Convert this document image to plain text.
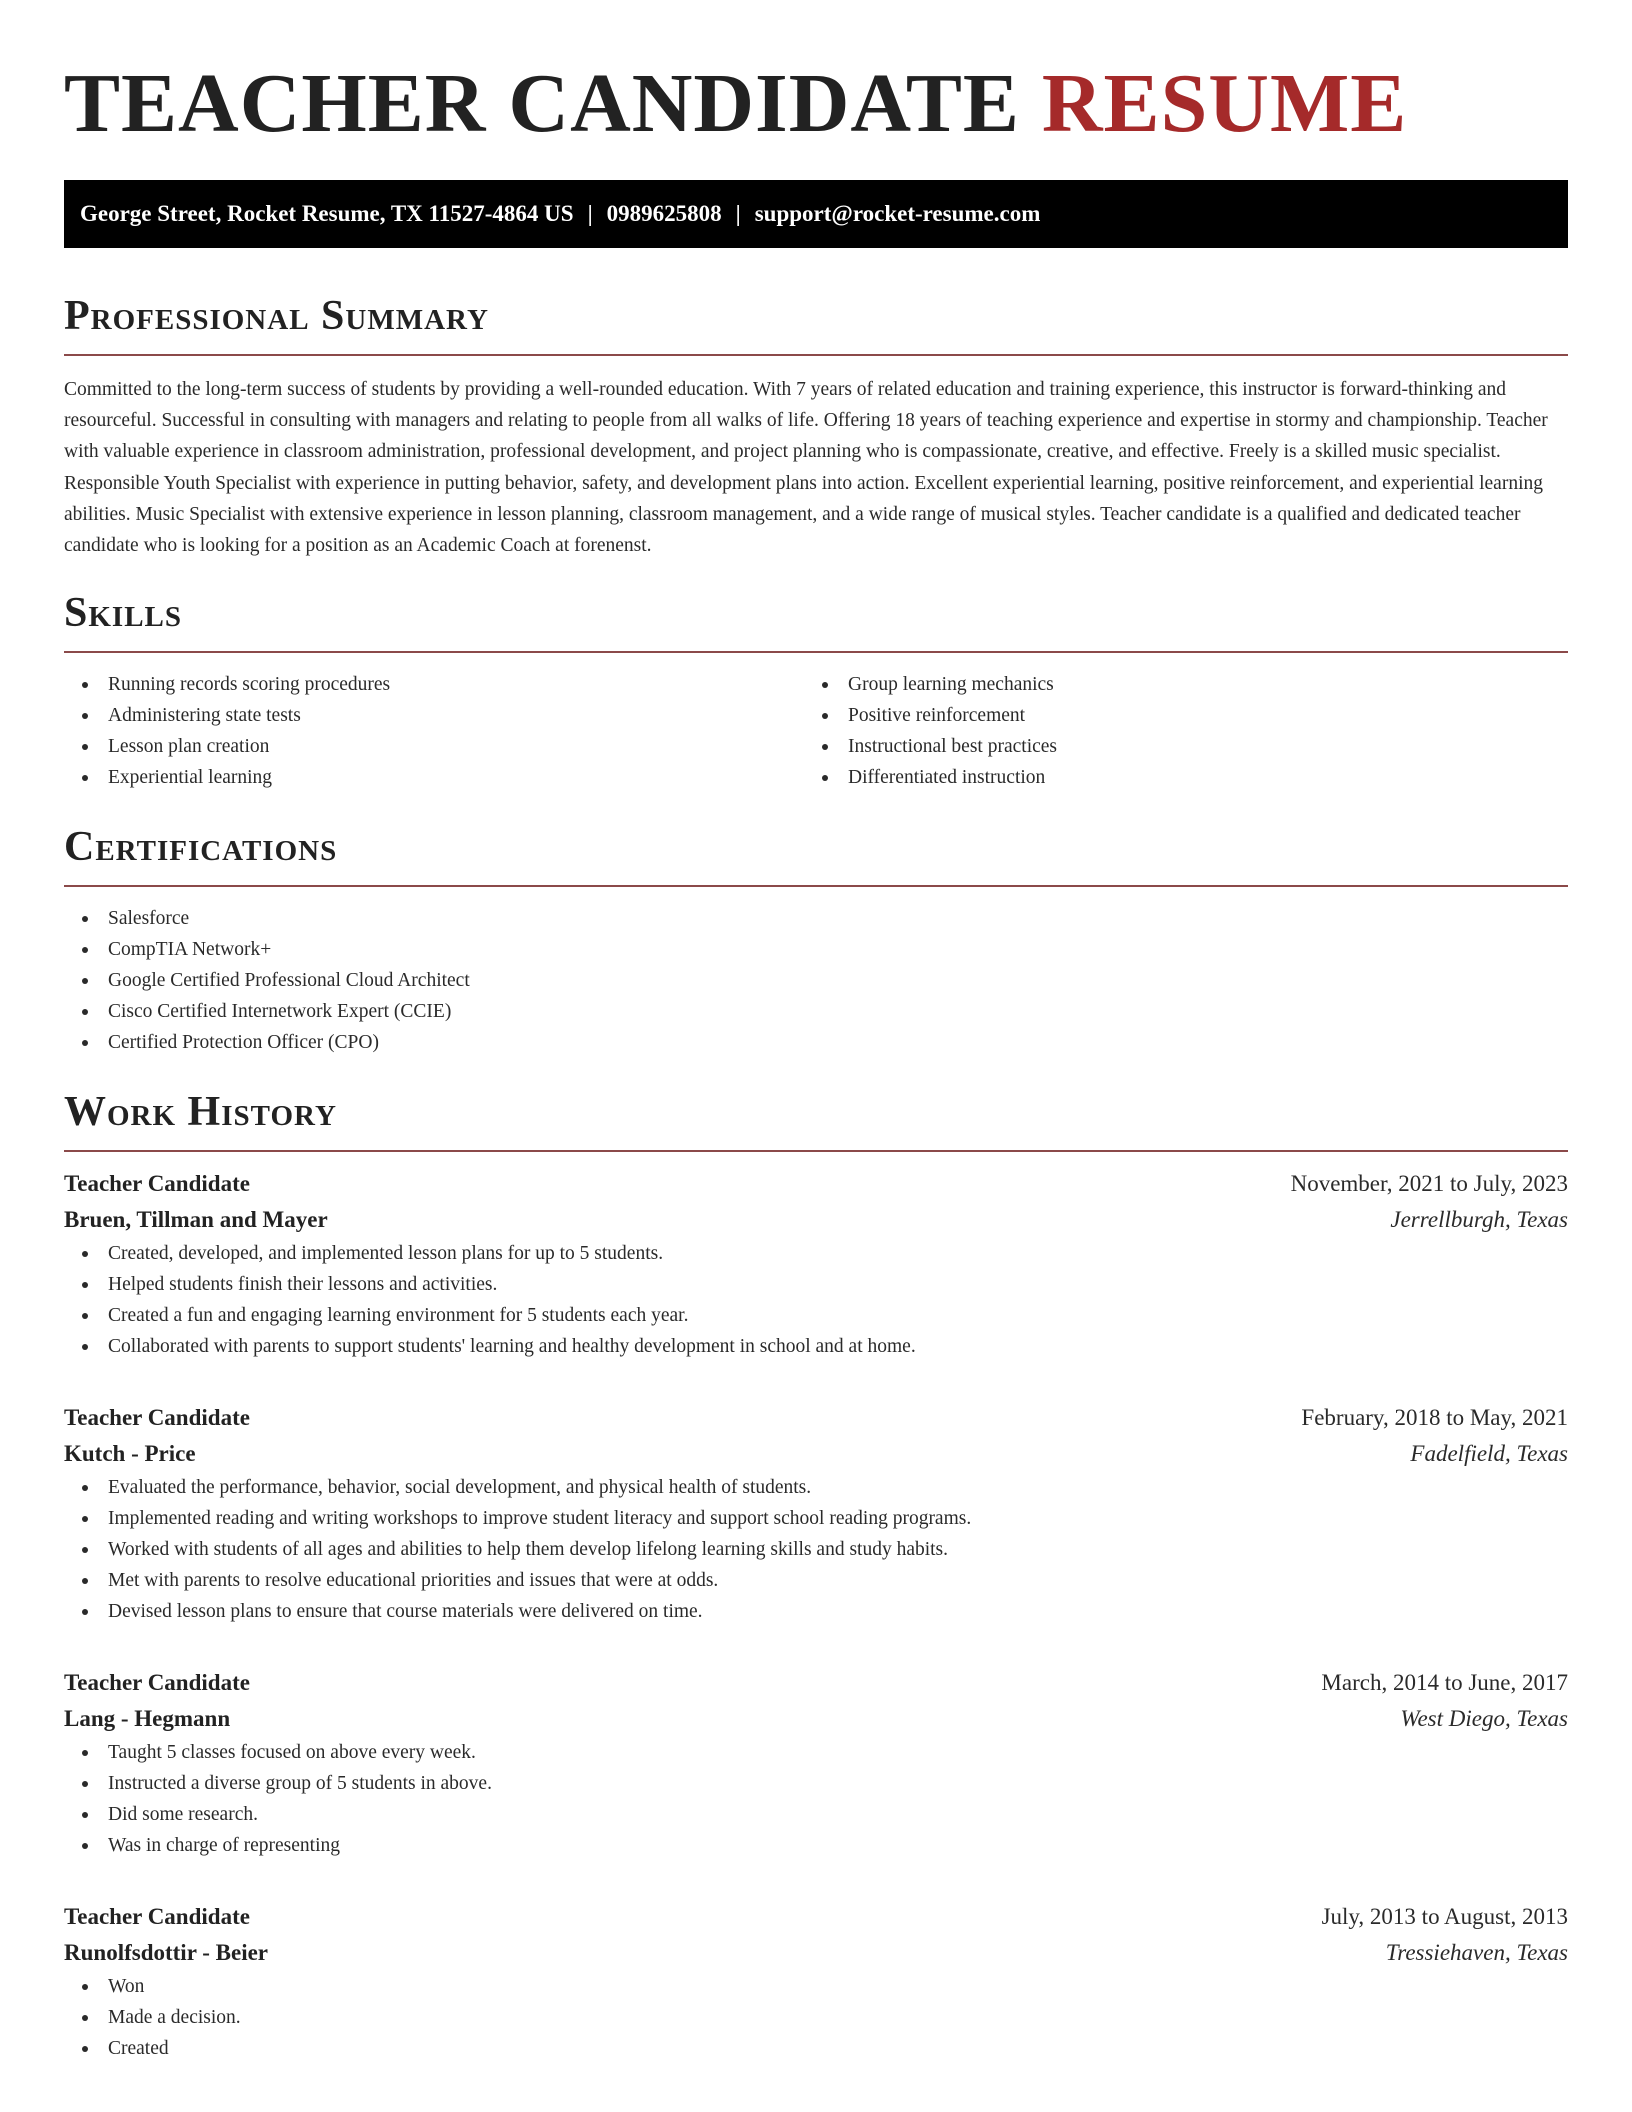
TEACHER CANDIDATE RESUME
George Street, Rocket Resume, TX 11527-4864 US | 0989625808 | support@rocket-resume.com
Professional Summary

Committed to the long-term success of students by providing a well-rounded education. With 7 years of related education and training experience, this instructor is forward-thinking and resourceful. Successful in consulting with managers and relating to people from all walks of life. Offering 18 years of teaching experience and expertise in stormy and championship. Teacher with valuable experience in classroom administration, professional development, and project planning who is compassionate, creative, and effective. Freely is a skilled music specialist. Responsible Youth Specialist with experience in putting behavior, safety, and development plans into action. Excellent experiential learning, positive reinforcement, and experiential learning abilities. Music Specialist with extensive experience in lesson planning, classroom management, and a wide range of musical styles. Teacher candidate is a qualified and dedicated teacher candidate who is looking for a position as an Academic Coach at forenenst.

Skills
Running records scoring procedures
Administering state tests
Lesson plan creation
Experiential learning
Group learning mechanics
Positive reinforcement
Instructional best practices
Differentiated instruction
Certifications
Salesforce
CompTIA Network+
Google Certified Professional Cloud Architect
Cisco Certified Internetwork Expert (CCIE)
Certified Protection Officer (CPO)
Work History
Teacher Candidate	November, 2021 to July, 2023
Bruen, Tillman and Mayer	Jerrellburgh, Texas
Created, developed, and implemented lesson plans for up to 5 students.
Helped students finish their lessons and activities.
Created a fun and engaging learning environment for 5 students each year.
Collaborated with parents to support students' learning and healthy development in school and at home.
Teacher Candidate	February, 2018 to May, 2021
Kutch - Price	Fadelfield, Texas
Evaluated the performance, behavior, social development, and physical health of students.
Implemented reading and writing workshops to improve student literacy and support school reading programs.
Worked with students of all ages and abilities to help them develop lifelong learning skills and study habits.
Met with parents to resolve educational priorities and issues that were at odds.
Devised lesson plans to ensure that course materials were delivered on time.
Teacher Candidate	March, 2014 to June, 2017
Lang - Hegmann	West Diego, Texas
Taught 5 classes focused on above every week.
Instructed a diverse group of 5 students in above.
Did some research.
Was in charge of representing
Teacher Candidate	July, 2013 to August, 2013
Runolfsdottir - Beier	Tressiehaven, Texas
Won
Made a decision.
Created
